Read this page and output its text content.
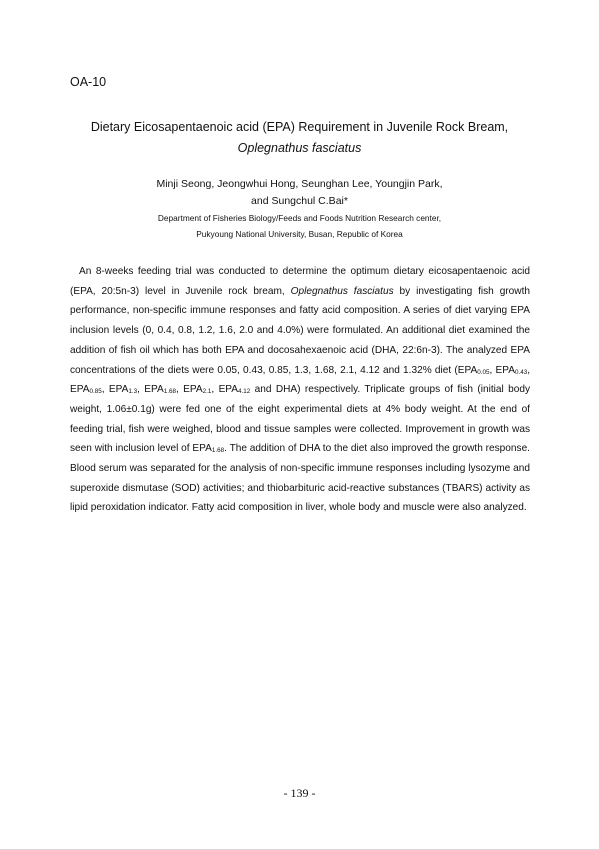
OA-10
Dietary Eicosapentaenoic acid (EPA) Requirement in Juvenile Rock Bream,
Oplegnathus fasciatus
Minji Seong, Jeongwhui Hong, Seunghan Lee, Youngjin Park,
and Sungchul C.Bai*
Department of Fisheries Biology/Feeds and Foods Nutrition Research center,
Pukyoung National University, Busan, Republic of Korea

An 8-weeks feeding trial was conducted to determine the optimum dietary eicosapentaenoic acid (EPA, 20:5n-3) level in Juvenile rock bream, Oplegnathus fasciatus by investigating fish growth performance, non-specific immune responses and fatty acid composition. A series of diet varying EPA inclusion levels (0, 0.4, 0.8, 1.2, 1.6, 2.0 and 4.0%) were formulated. An additional diet examined the addition of fish oil which has both EPA and docosahexaenoic acid (DHA, 22:6n-3). The analyzed EPA concentrations of the diets were 0.05, 0.43, 0.85, 1.3, 1.68, 2.1, 4.12 and 1.32% diet ($EPA_{0.05}$, $EPA_{0.43}$, $EPA_{0.85}$, $EPA_{1.3}$, $EPA_{1.68}$, $EPA_{2.1}$, $EPA_{4.12}$ and DHA) respectively. Triplicate groups of fish (initial body weight, 1.06±0.1g) were fed one of the eight experimental diets at 4% body weight. At the end of feeding trial, fish were weighed, blood and tissue samples were collected. Improvement in growth was seen with inclusion level of $EPA_{1.68}$. The addition of DHA to the diet also improved the growth response. Blood serum was separated for the analysis of non-specific immune responses including lysozyme and superoxide dismutase (SOD) activities; and thiobarbituric acid-reactive substances (TBARS) activity as lipid peroxidation indicator. Fatty acid composition in liver, whole body and muscle were also analyzed.

- 139 -
